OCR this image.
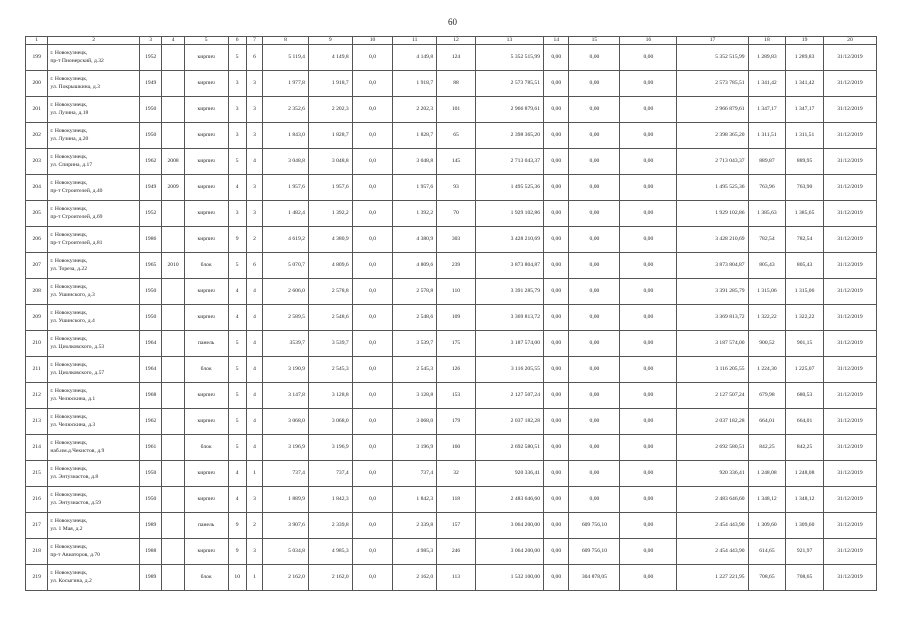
60
1	2	3	4	5	6	7	8	9	10	11	12	13	14	15	16	17	18	19	20
199	г. Новокузнецк,
пр-т Пионерский, д.32	1952		кирпич	5	6	5 119,4	4 149,8	0,0	4 149,8	124	5 352 515,99	0,00	0,00	0,00	5 352 515,99	1 289,83	1 289,83	31/12/2019
200	г. Новокузнецк,
ул. Покрышкина, д.3	1949		кирпич	3	3	1 977,8	1 918,7	0,0	1 918,7	88	2 573 785,51	0,00	0,00	0,00	2 573 785,51	1 341,42	1 341,42	31/12/2019
201	г. Новокузнецк,
ул. Лузина, д.18	1950		кирпич	3	3	2 352,6	2 202,3	0,0	2 202,3	101	2 966 879,61	0,00	0,00	0,00	2 966 879,61	1 347,17	1 347,17	31/12/2019
202	г. Новокузнецк,
ул. Лузина, д.20	1950		кирпич	3	3	1 843,0	1 828,7	0,0	1 828,7	65	2 398 365,20	0,00	0,00	0,00	2 398 365,20	1 311,51	1 311,51	31/12/2019
203	г. Новокузнецк,
ул. Спирина, д.17	1962	2008	кирпич	5	4	3 048,8	3 048,8	0,0	3 048,8	145	2 713 043,37	0,00	0,00	0,00	2 713 043,37	889,87	889,95	31/12/2019
204	г. Новокузнецк,
пр-т Строителей, д.40	1949	2009	кирпич	4	3	1 957,6	1 957,6	0,0	1 957,6	93	1 495 525,36	0,00	0,00	0,00	1 495 525,36	763,96	763,90	31/12/2019
205	г. Новокузнецк,
пр-т Строителей, д.69	1952		кирпич	3	3	1 482,4	1 392,2	0,0	1 392,2	70	1 929 102,86	0,00	0,00	0,00	1 929 102,86	1 385,63	1 385,65	31/12/2019
206	г. Новокузнецк,
пр-т Строителей, д.81	1986		кирпич	9	2	4 619,2	4 380,9	0,0	4 380,9	303	3 428 210,69	0,00	0,00	0,00	3 428 210,69	782,54	782,54	31/12/2019
207	г. Новокузнецк,
ул. Тореза, д.22	1965	2010	блок	5	6	5 070,7	4 809,6	0,0	4 809,6	239	3 873 804,87	0,00	0,00	0,00	3 873 804,87	805,43	805,43	31/12/2019
208	г. Новокузнецк,
ул. Ушинского, д.3	1950		кирпич	4	4	2 606,0	2 578,8	0,0	2 578,8	110	3 391 285,79	0,00	0,00	0,00	3 391 285,79	1 315,06	1 315,06	31/12/2019
209	г. Новокузнецк,
ул. Ушинского, д.4	1950		кирпич	4	4	2 589,5	2 548,6	0,0	2 548,6	109	3 369 813,72	0,00	0,00	0,00	3 369 813,72	1 322,22	1 322,22	31/12/2019
210	г. Новокузнецк,
ул. Циолковского, д.53	1964		панель	5	4	3539,7	3 539,7	0,0	3 539,7	175	3 187 574,00	0,00	0,00	0,00	3 187 574,00	900,52	901,15	31/12/2019
211	г. Новокузнецк,
ул. Циолковского, д.57	1964		блок	5	4	3 190,9	2 545,3	0,0	2 545,3	126	3 116 205,55	0,00	0,00	0,00	3 116 205,55	1 224,30	1 225,07	31/12/2019
212	г. Новокузнецк,
ул. Челюскина, д.1	1968		кирпич	5	4	3 147,8	3 128,8	0,0	3 128,8	153	2 127 507,24	0,00	0,00	0,00	2 127 507,24	679,98	680,53	31/12/2019
213	г. Новокузнецк,
ул. Челюскина, д.3	1962		кирпич	5	4	3 068,0	3 068,0	0,0	3 068,0	179	2 037 182,28	0,00	0,00	0,00	2 037 182,28	664,01	664,01	31/12/2019
214	г. Новокузнецк,
наб.им.д.Чекистов, д.9	1961		блок	5	4	3 196,9	3 196,9	0,0	3 196,9	160	2 692 580,51	0,00	0,00	0,00	2 692 580,51	842,25	842,25	31/12/2019
215	г. Новокузнецк,
ул. Энтузиастов, д.8	1950		кирпич	4	1	737,4	737,4	0,0	737,4	32	920 336,41	0,00	0,00	0,00	920 336,41	1 248,08	1 248,08	31/12/2019
216	г. Новокузнецк,
ул. Энтузиастов, д.59	1950		кирпич	4	3	1 889,9	1 842,3	0,0	1 842,3	118	2 483 646,60	0,00	0,00	0,00	2 483 646,60	1 348,12	1 348,12	31/12/2019
217	г. Новокузнецк,
ул. 1 Мая, д.2	1989		панель	9	2	3 907,6	2 339,8	0,0	2 339,8	157	3 064 200,00	0,00	609 756,10	0,00	2 454 443,90	1 309,60	1 309,60	31/12/2019
218	г. Новокузнецк,
пр-т Авиаторов, д.70	1988		кирпич	9	3	5 034,8	4 985,3	0,0	4 985,3	246	3 064 200,00	0,00	609 756,10	0,00	2 454 443,90	614,65	921,97	31/12/2019
219	г. Новокузнецк,
ул. Косыгина, д.2	1989		блок	10	1	2 162,0	2 162,0	0,0	2 162,0	113	1 532 100,00	0,00	304 878,05	0,00	1 227 221,95	708,65	708,65	31/12/2019
